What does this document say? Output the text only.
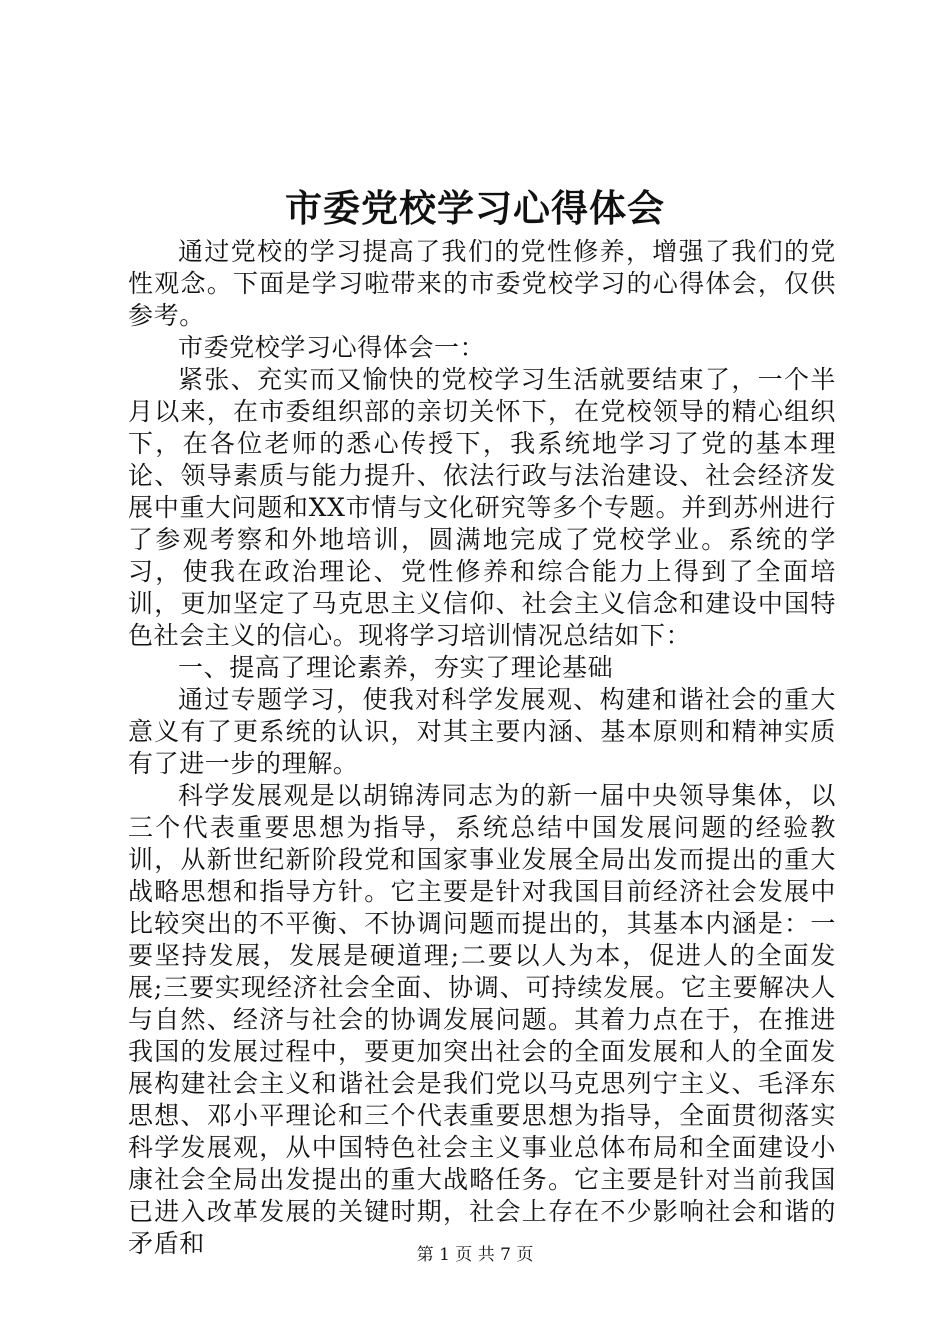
市委党校学习心得体会

通过党校的学习提高了我们的党性修养，增强了我们的党性观念。下面是学习啦带来的市委党校学习的心得体会，仅供参考。

市委党校学习心得体会一：

紧张、充实而又愉快的党校学习生活就要结束了，一个半月以来，在市委组织部的亲切关怀下，在党校领导的精心组织下，在各位老师的悉心传授下，我系统地学习了党的基本理论、领导素质与能力提升、依法行政与法治建设、社会经济发展中重大问题和XX市情与文化研究等多个专题。并到苏州进行了参观考察和外地培训，圆满地完成了党校学业。系统的学习，使我在政治理论、党性修养和综合能力上得到了全面培训，更加坚定了马克思主义信仰、社会主义信念和建设中国特色社会主义的信心。现将学习培训情况总结如下：

一、提高了理论素养，夯实了理论基础

通过专题学习，使我对科学发展观、构建和谐社会的重大意义有了更系统的认识，对其主要内涵、基本原则和精神实质有了进一步的理解。

科学发展观是以胡锦涛同志为的新一届中央领导集体，以三个代表重要思想为指导，系统总结中国发展问题的经验教训，从新世纪新阶段党和国家事业发展全局出发而提出的重大战略思想和指导方针。它主要是针对我国目前经济社会发展中比较突出的不平衡、不协调问题而提出的，其基本内涵是：一要坚持发展，发展是硬道理;二要以人为本，促进人的全面发展;三要实现经济社会全面、协调、可持续发展。它主要解决人与自然、经济与社会的协调发展问题。其着力点在于，在推进我国的发展过程中，要更加突出社会的全面发展和人的全面发展构建社会主义和谐社会是我们党以马克思列宁主义、毛泽东思想、邓小平理论和三个代表重要思想为指导，全面贯彻落实科学发展观，从中国特色社会主义事业总体布局和全面建设小康社会全局出发提出的重大战略任务。它主要是针对当前我国已进入改革发展的关键时期，社会上存在不少影响社会和谐的矛盾和	第 1 页 共 7 页
